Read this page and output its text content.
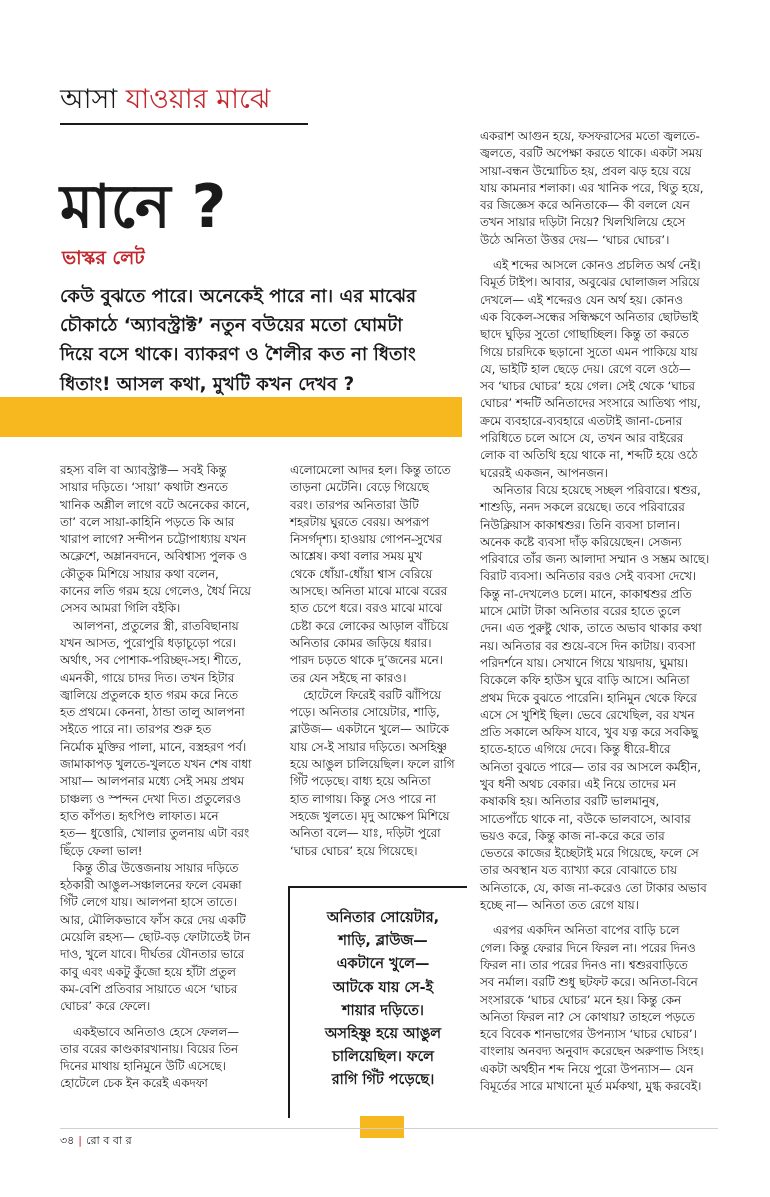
আসা যাওয়ার মাঝে
মানে ?
ভাস্কর লেট
কেউ বুঝতে পারে। অনেকেই পারে না। এর মাঝের
চৌকাঠে ‘অ্যাবস্ট্রাক্ট’ নতুন বউয়ের মতো ঘোমটা
দিয়ে বসে থাকে। ব্যাকরণ ও শৈলীর কত না ধিতাং
ধিতাং! আসল কথা, মুখটি কখন দেখব ?
রহস্য বলি বা অ্যাবস্ট্রাক্ট— সবই কিন্তু
সায়ার দড়িতে। ‘সায়া’ কথাটা শুনতে
খানিক অশ্লীল লাগে বটে অনেকের কানে,
তা’ বলে সায়া-কাহিনি পড়তে কি আর
খারাপ লাগে? সন্দীপন চট্টোপাধ্যায় যখন
অক্লেশে, অম্লানবদনে, অবিশ্বাস্য পুলক ও
কৌতুক মিশিয়ে সায়ার কথা বলেন,
কানের লতি গরম হয়ে গেলেও, ধৈর্য নিয়ে
সেসব আমরা গিলি বইকি।
আলপনা, প্রতুলের স্ত্রী, রাতবিছানায়
যখন আসত, পুরোপুরি ধড়াচূড়ো পরে।
অর্থাৎ, সব পোশাক-পরিচ্ছদ-সহ। শীতে,
এমনকী, গায়ে চাদর দিত। তখন হিটার
জ্বালিয়ে প্রতুলকে হাত গরম করে নিতে
হত প্রথমে। কেননা, ঠান্ডা তালু আলপনা
সইতে পারে না। তারপর শুরু হত
নির্মোক মুক্তির পালা, মানে, বস্ত্রহরণ পর্ব।
জামাকাপড় খুলতে-খুলতে যখন শেষ বাধা
সায়া— আলপনার মধ্যে সেই সময় প্রথম
চাঞ্চল্য ও স্পন্দন দেখা দিত। প্রতুলেরও
হাত কাঁপত। হৃৎপিণ্ড লাফাত। মনে
হত— ধুত্তোরি, খোলার তুলনায় এটা বরং
ছিঁড়ে ফেলা ভাল!
কিন্তু তীব্র উত্তেজনায় সায়ার দড়িতে
হঠকারী আঙুল-সঞ্চালনের ফলে বেমক্কা
গিঁট লেগে যায়। আলপনা হাসে তাতে।
আর, মৌলিকভাবে ফাঁস করে দেয় একটি
মেয়েলি রহস্য— ছোট-বড় ফোটাতেই টান
দাও, খুলে যাবে। দীর্ঘতর যৌনতার ভারে
কাবু এবং একটু কুঁজো হয়ে হাঁটা প্রতুল
কম-বেশি প্রতিবার সায়াতে এসে ‘ঘাচর
ঘোচর’ করে ফেলে।
একইভাবে অনিতাও হেসে ফেলল—
তার বরের কাণ্ডকারখানায়। বিয়ের তিন
দিনের মাথায় হানিমুনে উটি এসেছে।
হোটেলে চেক ইন করেই একদফা
এলোমেলো আদর হল। কিন্তু তাতে
তাড়না মেটেনি। বেড়ে গিয়েছে
বরং। তারপর অনিতারা উটি
শহরটায় ঘুরতে বেরয়। অপরূপ
নিসর্গদৃশ্য। হাওয়ায় গোপন-সুখের
আশ্লেষ। কথা বলার সময় মুখ
থেকে ধোঁয়া-ধোঁয়া শ্বাস বেরিয়ে
আসছে। অনিতা মাঝে মাঝে বরের
হাত চেপে ধরে। বরও মাঝে মাঝে
চেষ্টা করে লোকের আড়াল বাঁচিয়ে
অনিতার কোমর জড়িয়ে ধরার।
পারদ চড়তে থাকে দু’জনের মনে।
তর যেন সইছে না কারও।
হোটেলে ফিরেই বরটি ঝাঁপিয়ে
পড়ে। অনিতার সোয়েটার, শাড়ি,
ব্লাউজ— একটানে খুলে— আটকে
যায় সে-ই সায়ার দড়িতে। অসহিষ্ণু
হয়ে আঙুল চালিয়েছিল। ফলে রাগি
গিঁট পড়েছে। বাধ্য হয়ে অনিতা
হাত লাগায়। কিন্তু সেও পারে না
সহজে খুলতে। মৃদু আক্ষেপ মিশিয়ে
অনিতা বলে— যাঃ, দড়িটা পুরো
‘ঘাচর ঘোচর’ হয়ে গিয়েছে।
একরাশ আগুন হয়ে, ফসফরাসের মতো জ্বলতে-
জ্বলতে, বরটি অপেক্ষা করতে থাকে। একটা সময়
সায়া-বন্ধন উন্মোচিত হয়, প্রবল ঝড় হয়ে বয়ে
যায় কামনার শলাকা। এর খানিক পরে, থিতু হয়ে,
বর জিজ্ঞেস করে অনিতাকে— কী বললে যেন
তখন সায়ার দড়িটা নিয়ে? খিলখিলিয়ে হেসে
উঠে অনিতা উত্তর দেয়— ‘ঘাচর ঘোচর’।
এই শব্দের আসলে কোনও প্রচলিত অর্থ নেই।
বিমূর্ত টাইপ। আবার, অবুঝের ঘোলাজল সরিয়ে
দেখলে— এই শব্দেরও যেন অর্থ হয়। কোনও
এক বিকেল-সন্ধের সন্ধিক্ষণে অনিতার ছোটভাই
ছাদে ঘুড়ির সুতো গোছাচ্ছিল। কিন্তু তা করতে
গিয়ে চারদিকে ছড়ানো সুতো এমন পাকিয়ে যায়
যে, ভাইটি হাল ছেড়ে দেয়। রেগে বলে ওঠে—
সব ‘ঘাচর ঘোচর’ হয়ে গেল। সেই থেকে ‘ঘাচর
ঘোচর’ শব্দটি অনিতাদের সংসারে আতিথ্য পায়,
ক্রমে ব্যবহারে-ব্যবহারে এতটাই জানা-চেনার
পরিধিতে চলে আসে যে, তখন আর বাইরের
লোক বা অতিথি হয়ে থাকে না, শব্দটি হয়ে ওঠে
ঘরেরই একজন, আপনজন।
অনিতার বিয়ে হয়েছে সচ্ছল পরিবারে। শ্বশুর,
শাশুড়ি, ননদ সকলে রয়েছে। তবে পরিবারের
নিউক্লিয়াস কাকাশ্বশুর। তিনি ব্যবসা চালান।
অনেক কষ্টে ব্যবসা দাঁড় করিয়েছেন। সেজন্য
পরিবারে তাঁর জন্য আলাদা সম্মান ও সম্ভ্রম আছে।
বিরাট ব্যবসা। অনিতার বরও সেই ব্যবসা দেখে।
কিন্তু না-দেখলেও চলে। মানে, কাকাশ্বশুর প্রতি
মাসে মোটা টাকা অনিতার বরের হাতে তুলে
দেন। এত পুরুষ্টু থোক, তাতে অভাব থাকার কথা
নয়। অনিতার বর শুয়ে-বসে দিন কাটায়। ব্যবসা
পরিদর্শনে যায়। সেখানে গিয়ে খায়দায়, ঘুমায়।
বিকেলে কফি হাউস ঘুরে বাড়ি আসে। অনিতা
প্রথম দিকে বুঝতে পারেনি। হানিমুন থেকে ফিরে
এসে সে খুশিই ছিল। ভেবে রেখেছিল, বর যখন
প্রতি সকালে অফিস যাবে, খুব যত্ন করে সবকিছু
হাতে-হাতে এগিয়ে দেবে। কিন্তু ধীরে-ধীরে
অনিতা বুঝতে পারে— তার বর আসলে কর্মহীন,
খুব ধনী অথচ বেকার। এই নিয়ে তাদের মন
কষাকষি হয়। অনিতার বরটি ভালমানুষ,
সাতেপাঁচে থাকে না, বউকে ভালবাসে, আবার
ভয়ও করে, কিন্তু কাজ না-করে করে তার
ভেতরে কাজের ইচ্ছেটাই মরে গিয়েছে, ফলে সে
তার অবস্থান যত ব্যাখ্যা করে বোঝাতে চায়
অনিতাকে, যে, কাজ না-করেও তো টাকার অভাব
হচ্ছে না— অনিতা তত রেগে যায়।
এরপর একদিন অনিতা বাপের বাড়ি চলে
গেল। কিন্তু ফেরার দিনে ফিরল না। পরের দিনও
ফিরল না। তার পরের দিনও না। শ্বশুরবাড়িতে
সব নর্মাল। বরটি শুধু ছটফট করে। অনিতা-বিনে
সংসারকে ‘ঘাচর ঘোচর’ মনে হয়। কিন্তু কেন
অনিতা ফিরল না? সে কোথায়? তাহলে পড়তে
হবে বিবেক শানভাগের উপন্যাস ‘ঘাচর ঘোচর’।
বাংলায় অনবদ্য অনুবাদ করেছেন অরুণাভ সিংহ।
একটা অর্থহীন শব্দ নিয়ে পুরো উপন্যাস— যেন
বিমূর্তের সারে মাখানো মূর্ত মর্মকথা, মুগ্ধ করবেই।
অনিতার সোয়েটার,
শাড়ি, ব্লাউজ—
একটানে খুলে—
আটকে যায় সে-ই
শায়ার দড়িতে।
অসহিষ্ণু হয়ে আঙুল
চালিয়েছিল। ফলে
রাগি গিঁট পড়েছে।
৩৪ | রো ব বা র
